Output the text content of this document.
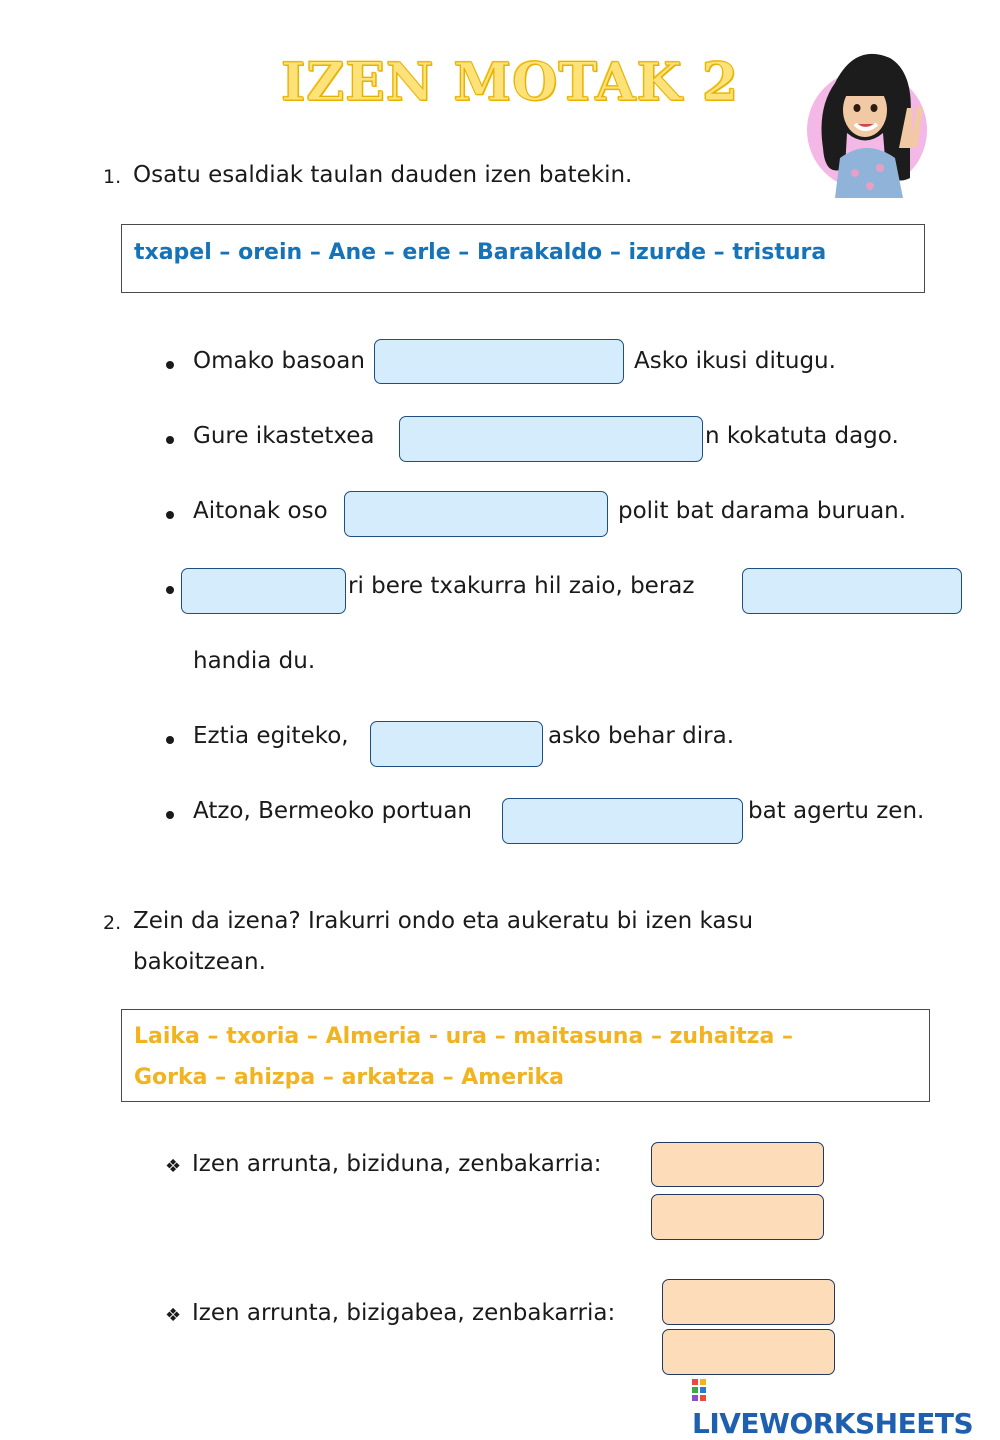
IZEN MOTAK 2
1. Osatu esaldiak taulan dauden izen batekin.
txapel – orein – Ane – erle – Barakaldo – izurde – tristura
Omako basoan	Asko ikusi ditugu.
Gure ikastetxea	n kokatuta dago.
Aitonak oso	polit bat darama buruan.
ri bere txakurra hil zaio, beraz
handia du.
Eztia egiteko,	asko behar dira.
Atzo, Bermeoko portuan	bat agertu zen.
2. Zein da izena? Irakurri ondo eta aukeratu bi izen kasu
bakoitzean.
Laika – txoria – Almeria - ura – maitasuna – zuhaitza –
Gorka – ahizpa – arkatza – Amerika
❖ Izen arrunta, biziduna, zenbakarria:
❖ Izen arrunta, bizigabea, zenbakarria:
LIVEWORKSHEETS
